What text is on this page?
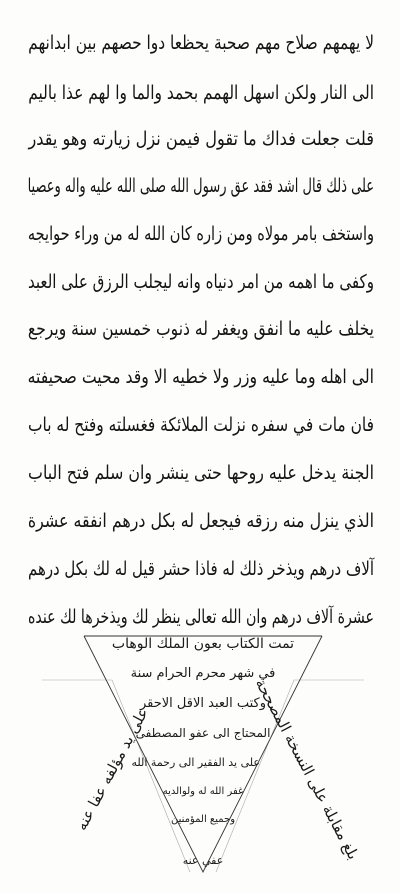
لا يهمهم صلاح مهم صحبة يحظعا دوا حصهم بين ابدانهم
الى النار ولكن اسهل الهمم بحمد والما وا لهم عذا باليم
قلت جعلت فداك ما تقول فيمن نزل زيارته وهو يقدر
على ذلك قال اشد فقد عق رسول الله صلى الله عليه واله وعصيا
واستخف بامر مولاه ومن زاره كان الله له من وراء حوايجه
وكفى ما اهمه من امر دنياه وانه ليجلب الرزق على العبد
يخلف عليه ما انفق ويغفر له ذنوب خمسين سنة ويرجع
الى اهله وما عليه وزر ولا خطيه الا وقد محيت صحيفته
فان مات في سفره نزلت الملائكة فغسلته وفتح له باب
الجنة يدخل عليه روحها حتى ينشر وان سلم فتح الباب
الذي ينزل منه رزقه فيجعل له بكل درهم انفقه عشرة
آلاف درهم ويذخر ذلك له فاذا حشر قيل له لك بكل درهم
عشرة آلاف درهم وان الله تعالى ينظر لك ويذخرها لك عنده
تمت الكتاب بعون الملك الوهاب
في شهر محرم الحرام سنة
وكتب العبد الاقل الاحقر
المحتاج الى عفو المصطفى
على يد الفقير الى رحمة الله
غفر الله له ولوالديه
وجميع المؤمنين
عفي عنه
على يد مؤلفه عفا عنه	بلغ مقابلة على النسخة المصححة
